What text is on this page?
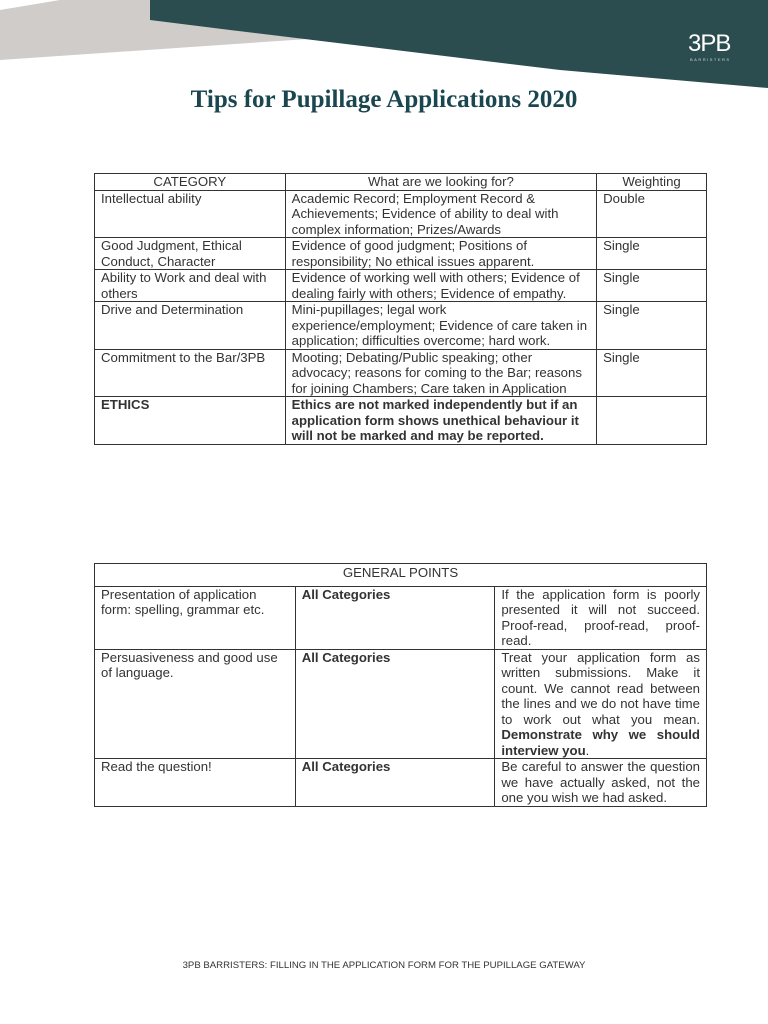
3PB
BARRISTERS
Tips for Pupillage Applications 2020
CATEGORY	What are we looking for?	Weighting
Intellectual ability	Academic Record; Employment Record & Achievements; Evidence of ability to deal with complex information; Prizes/Awards	Double
Good Judgment, Ethical Conduct, Character	Evidence of good judgment; Positions of responsibility; No ethical issues apparent.	Single
Ability to Work and deal with others	Evidence of working well with others; Evidence of dealing fairly with others; Evidence of empathy.	Single
Drive and Determination	Mini-pupillages; legal work experience/employment; Evidence of care taken in application; difficulties overcome; hard work.	Single
Commitment to the Bar/3PB	Mooting; Debating/Public speaking; other advocacy; reasons for coming to the Bar; reasons for joining Chambers; Care taken in Application	Single
ETHICS	Ethics are not marked independently but if an application form shows unethical behaviour it will not be marked and may be reported.	
GENERAL POINTS		
Presentation of application form: spelling, grammar etc.	All Categories	If the application form is poorly presented it will not succeed. Proof-read, proof-read, proof-read.
Persuasiveness and good use of language.	All Categories	Treat your application form as written submissions. Make it count. We cannot read between the lines and we do not have time to work out what you mean. Demonstrate why we should interview you.
Read the question!	All Categories	Be careful to answer the question we have actually asked, not the one you wish we had asked.
3PB BARRISTERS: FILLING IN THE APPLICATION FORM FOR THE PUPILLAGE GATEWAY
